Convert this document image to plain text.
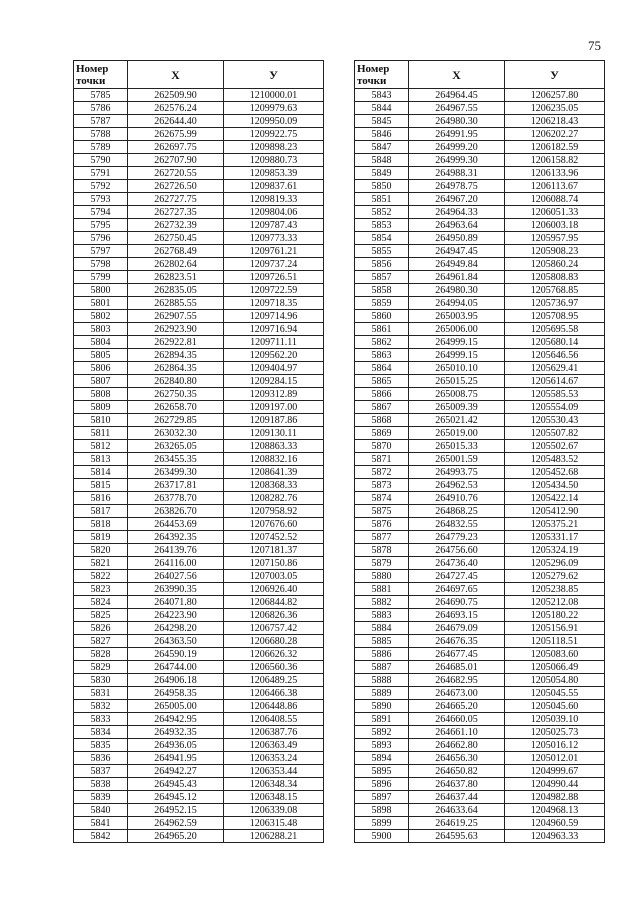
75
Номер точки	Х	У
5785	262509.90	1210000.01
5786	262576.24	1209979.63
5787	262644.40	1209950.09
5788	262675.99	1209922.75
5789	262697.75	1209898.23
5790	262707.90	1209880.73
5791	262720.55	1209853.39
5792	262726.50	1209837.61
5793	262727.75	1209819.33
5794	262727.35	1209804.06
5795	262732.39	1209787.43
5796	262750.45	1209773.33
5797	262768.49	1209761.21
5798	262802.64	1209737.24
5799	262823.51	1209726.51
5800	262835.05	1209722.59
5801	262885.55	1209718.35
5802	262907.55	1209714.96
5803	262923.90	1209716.94
5804	262922.81	1209711.11
5805	262894.35	1209562.20
5806	262864.35	1209404.97
5807	262840.80	1209284.15
5808	262750.35	1209312.89
5809	262658.70	1209197.00
5810	262729.85	1209187.86
5811	263032.30	1209130.11
5812	263265.05	1208863.33
5813	263455.35	1208832.16
5814	263499.30	1208641.39
5815	263717.81	1208368.33
5816	263778.70	1208282.76
5817	263826.70	1207958.92
5818	264453.69	1207676.60
5819	264392.35	1207452.52
5820	264139.76	1207181.37
5821	264116.00	1207150.86
5822	264027.56	1207003.05
5823	263990.35	1206926.40
5824	264071.80	1206844.82
5825	264223.90	1206826.36
5826	264298.20	1206757.42
5827	264363.50	1206680.28
5828	264590.19	1206626.32
5829	264744.00	1206560.36
5830	264906.18	1206489.25
5831	264958.35	1206466.38
5832	265005.00	1206448.86
5833	264942.95	1206408.55
5834	264932.35	1206387.76
5835	264936.05	1206363.49
5836	264941.95	1206353.24
5837	264942.27	1206353.44
5838	264945.43	1206348.34
5839	264945.12	1206348.15
5840	264952.15	1206339.08
5841	264962.59	1206315.48
5842	264965.20	1206288.21
Номер точки	Х	У
5843	264964.45	1206257.80
5844	264967.55	1206235.05
5845	264980.30	1206218.43
5846	264991.95	1206202.27
5847	264999.20	1206182.59
5848	264999.30	1206158.82
5849	264988.31	1206133.96
5850	264978.75	1206113.67
5851	264967.20	1206088.74
5852	264964.33	1206051.33
5853	264963.64	1206003.18
5854	264950.89	1205957.95
5855	264947.45	1205908.23
5856	264949.84	1205860.24
5857	264961.84	1205808.83
5858	264980.30	1205768.85
5859	264994.05	1205736.97
5860	265003.95	1205708.95
5861	265006.00	1205695.58
5862	264999.15	1205680.14
5863	264999.15	1205646.56
5864	265010.10	1205629.41
5865	265015.25	1205614.67
5866	265008.75	1205585.53
5867	265009.39	1205554.09
5868	265021.42	1205530.43
5869	265019.00	1205507.82
5870	265015.33	1205502.67
5871	265001.59	1205483.52
5872	264993.75	1205452.68
5873	264962.53	1205434.50
5874	264910.76	1205422.14
5875	264868.25	1205412.90
5876	264832.55	1205375.21
5877	264779.23	1205331.17
5878	264756.60	1205324.19
5879	264736.40	1205296.09
5880	264727.45	1205279.62
5881	264697.65	1205238.85
5882	264690.75	1205212.08
5883	264693.15	1205180.22
5884	264679.09	1205156.91
5885	264676.35	1205118.51
5886	264677.45	1205083.60
5887	264685.01	1205066.49
5888	264682.95	1205054.80
5889	264673.00	1205045.55
5890	264665.20	1205045.60
5891	264660.05	1205039.10
5892	264661.10	1205025.73
5893	264662.80	1205016.12
5894	264656.30	1205012.01
5895	264650.82	1204999.67
5896	264637.80	1204990.44
5897	264637.44	1204982.88
5898	264633.64	1204968.13
5899	264619.25	1204960.59
5900	264595.63	1204963.33
